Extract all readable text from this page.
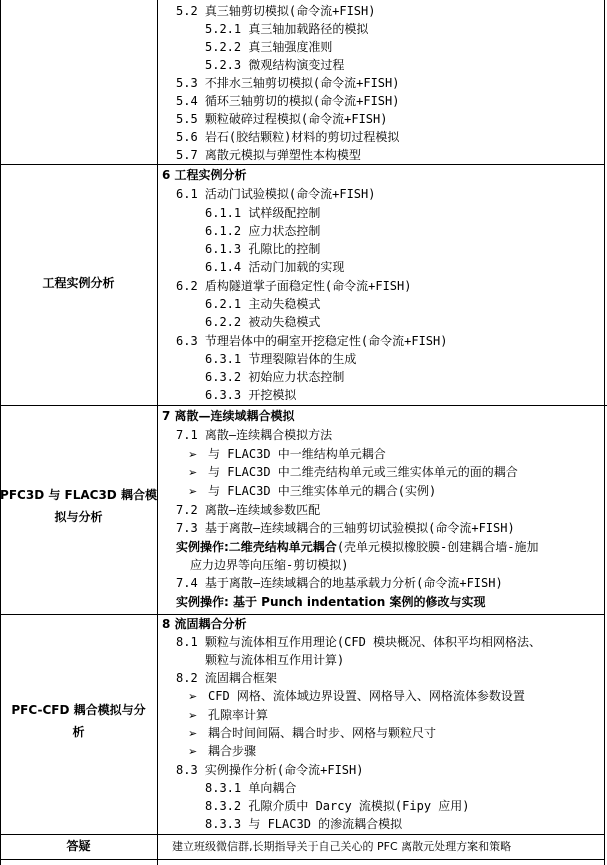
5.2 真三轴剪切模拟(命令流+FISH)
5.2.1 真三轴加载路径的模拟
5.2.2 真三轴强度准则
5.2.3 微观结构演变过程
5.3 不排水三轴剪切模拟(命令流+FISH)
5.4 循环三轴剪切的模拟(命令流+FISH)
5.5 颗粒破碎过程模拟(命令流+FISH)
5.6 岩石(胶结颗粒)材料的剪切过程模拟
5.7 离散元模拟与弹塑性本构模型
工程实例分析
6 工程实例分析
6.1 活动门试验模拟(命令流+FISH)
6.1.1 试样级配控制
6.1.2 应力状态控制
6.1.3 孔隙比的控制
6.1.4 活动门加载的实现
6.2 盾构隧道掌子面稳定性(命令流+FISH)
6.2.1 主动失稳模式
6.2.2 被动失稳模式
6.3 节理岩体中的硐室开挖稳定性(命令流+FISH)
6.3.1 节理裂隙岩体的生成
6.3.2 初始应力状态控制
6.3.3 开挖模拟
PFC3D 与 FLAC3D 耦合模
拟与分析
7 离散—连续域耦合模拟
7.1 离散—连续耦合模拟方法
➢ 与 FLAC3D 中一维结构单元耦合
➢ 与 FLAC3D 中二维壳结构单元或三维实体单元的面的耦合
➢ 与 FLAC3D 中三维实体单元的耦合(实例)
7.2 离散—连续域参数匹配
7.3 基于离散—连续域耦合的三轴剪切试验模拟(命令流+FISH)
实例操作:二维壳结构单元耦合(壳单元模拟橡胶膜-创建耦合墙-施加
应力边界等向压缩-剪切模拟)
7.4 基于离散—连续域耦合的地基承载力分析(命令流+FISH)
实例操作: 基于 Punch indentation 案例的修改与实现
PFC-CFD 耦合模拟与分
析
8 流固耦合分析
8.1 颗粒与流体相互作用理论(CFD 模块概况、体积平均相网格法、
颗粒与流体相互作用计算)
8.2 流固耦合框架
➢ CFD 网格、流体域边界设置、网格导入、网格流体参数设置
➢ 孔隙率计算
➢ 耦合时间间隔、耦合时步、网格与颗粒尺寸
➢ 耦合步骤
8.3 实例操作分析(命令流+FISH)
8.3.1 单向耦合
8.3.2 孔隙介质中 Darcy 流模拟(Fipy 应用)
8.3.3 与 FLAC3D 的渗流耦合模拟
答疑	建立班级微信群,长期指导关于自己关心的 PFC 离散元处理方案和策略
